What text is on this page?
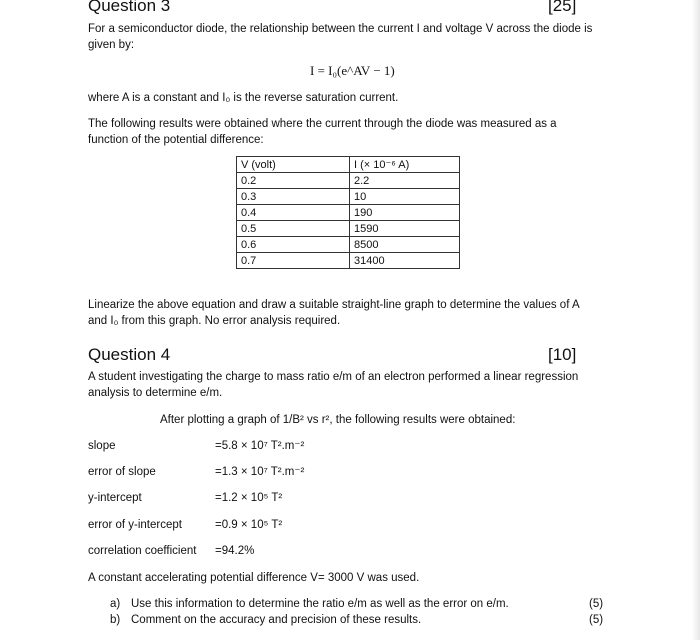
Question 3	[25]
For a semiconductor diode, the relationship between the current I and voltage V across the diode is
given by:
I = I₀(e^AV − 1)
where A is a constant and I₀ is the reverse saturation current.
The following results were obtained where the current through the diode was measured as a
function of the potential difference:
V (volt)	I (× 10⁻⁶ A)
0.2	2.2
0.3	10
0.4	190
0.5	1590
0.6	8500
0.7	31400
Linearize the above equation and draw a suitable straight-line graph to determine the values of A
and I₀ from this graph. No error analysis required.
Question 4	[10]
A student investigating the charge to mass ratio e/m of an electron performed a linear regression
analysis to determine e/m.
After plotting a graph of 1/B² vs r², the following results were obtained:
slope	=5.8 × 10⁷ T².m⁻²
error of slope	=1.3 × 10⁷ T².m⁻²
y-intercept	=1.2 × 10⁵ T²
error of y-intercept	=0.9 × 10⁵ T²
correlation coefficient =94.2%
A constant accelerating potential difference V= 3000 V was used.
a) Use this information to determine the ratio e/m as well as the error on e/m.	(5)
b) Comment on the accuracy and precision of these results.	(5)
